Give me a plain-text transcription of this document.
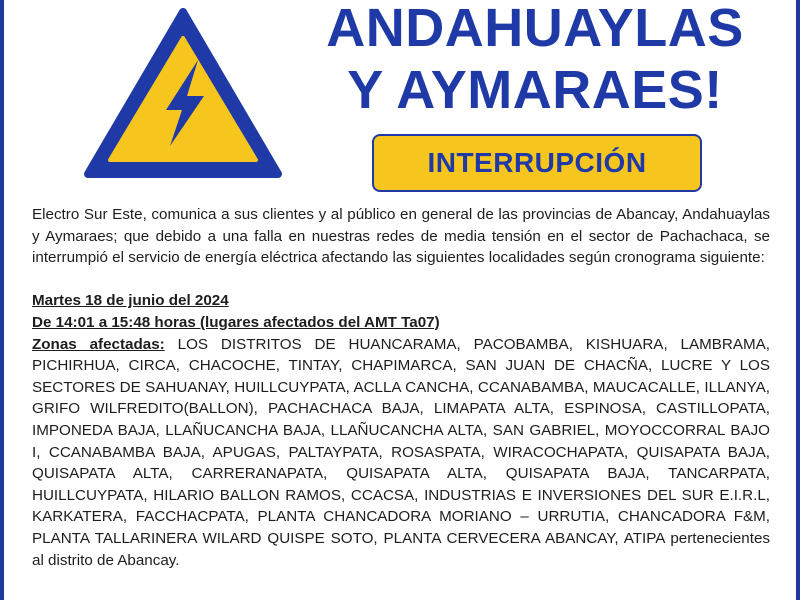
ANDAHUAYLAS
Y AYMARAES!
INTERRUPCIÓN

Electro Sur Este, comunica a sus clientes y al público en general de las provincias de Abancay, Andahuaylas y Aymaraes; que debido a una falla en nuestras redes de media tensión en el sector de Pachachaca, se interrumpió el servicio de energía eléctrica afectando las siguientes localidades según cronograma siguiente:

Martes 18 de junio del 2024

De 14:01 a 15:48 horas (lugares afectados del AMT Ta07)

Zonas afectadas: LOS DISTRITOS DE HUANCARAMA, PACOBAMBA, KISHUARA, LAMBRAMA, PICHIRHUA, CIRCA, CHACOCHE, TINTAY, CHAPIMARCA, SAN JUAN DE CHACÑA, LUCRE Y LOS SECTORES DE SAHUANAY, HUILLCUYPATA, ACLLA CANCHA, CCANABAMBA, MAUCACALLE, ILLANYA, GRIFO WILFREDITO(BALLON), PACHACHACA BAJA, LIMAPATA ALTA, ESPINOSA, CASTILLOPATA, IMPONEDA BAJA, LLAÑUCANCHA BAJA, LLAÑUCANCHA ALTA, SAN GABRIEL, MOYOCCORRAL BAJO I, CCANABAMBA BAJA, APUGAS, PALTAYPATA, ROSASPATA, WIRACOCHAPATA, QUISAPATA BAJA, QUISAPATA ALTA, CARRERANAPATA, QUISAPATA ALTA, QUISAPATA BAJA, TANCARPATA, HUILLCUYPATA, HILARIO BALLON RAMOS, CCACSA, INDUSTRIAS E INVERSIONES DEL SUR E.I.R.L, KARKATERA, FACCHACPATA, PLANTA CHANCADORA MORIANO – URRUTIA, CHANCADORA F&M, PLANTA TALLARINERA WILARD QUISPE SOTO, PLANTA CERVECERA ABANCAY, ATIPA pertenecientes al distrito de Abancay.
